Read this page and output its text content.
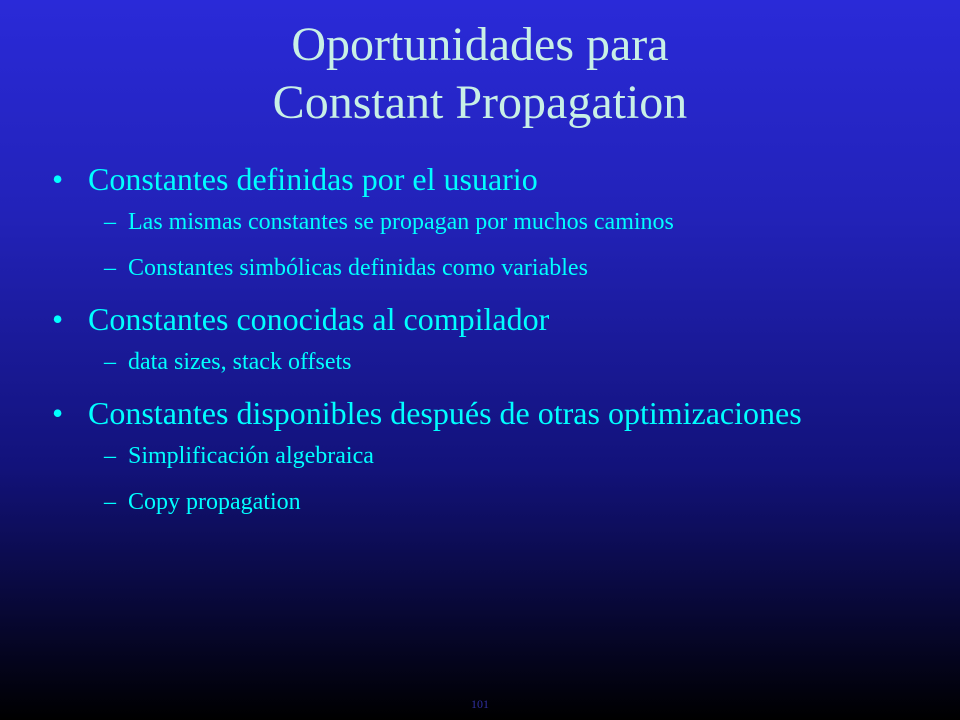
Oportunidades para
Constant Propagation
• Constantes definidas por el usuario
– Las mismas constantes se propagan por muchos caminos
– Constantes simbólicas definidas como variables
• Constantes conocidas al compilador
– data sizes, stack offsets
• Constantes disponibles después de otras optimizaciones
– Simplificación algebraica
– Copy propagation
101
